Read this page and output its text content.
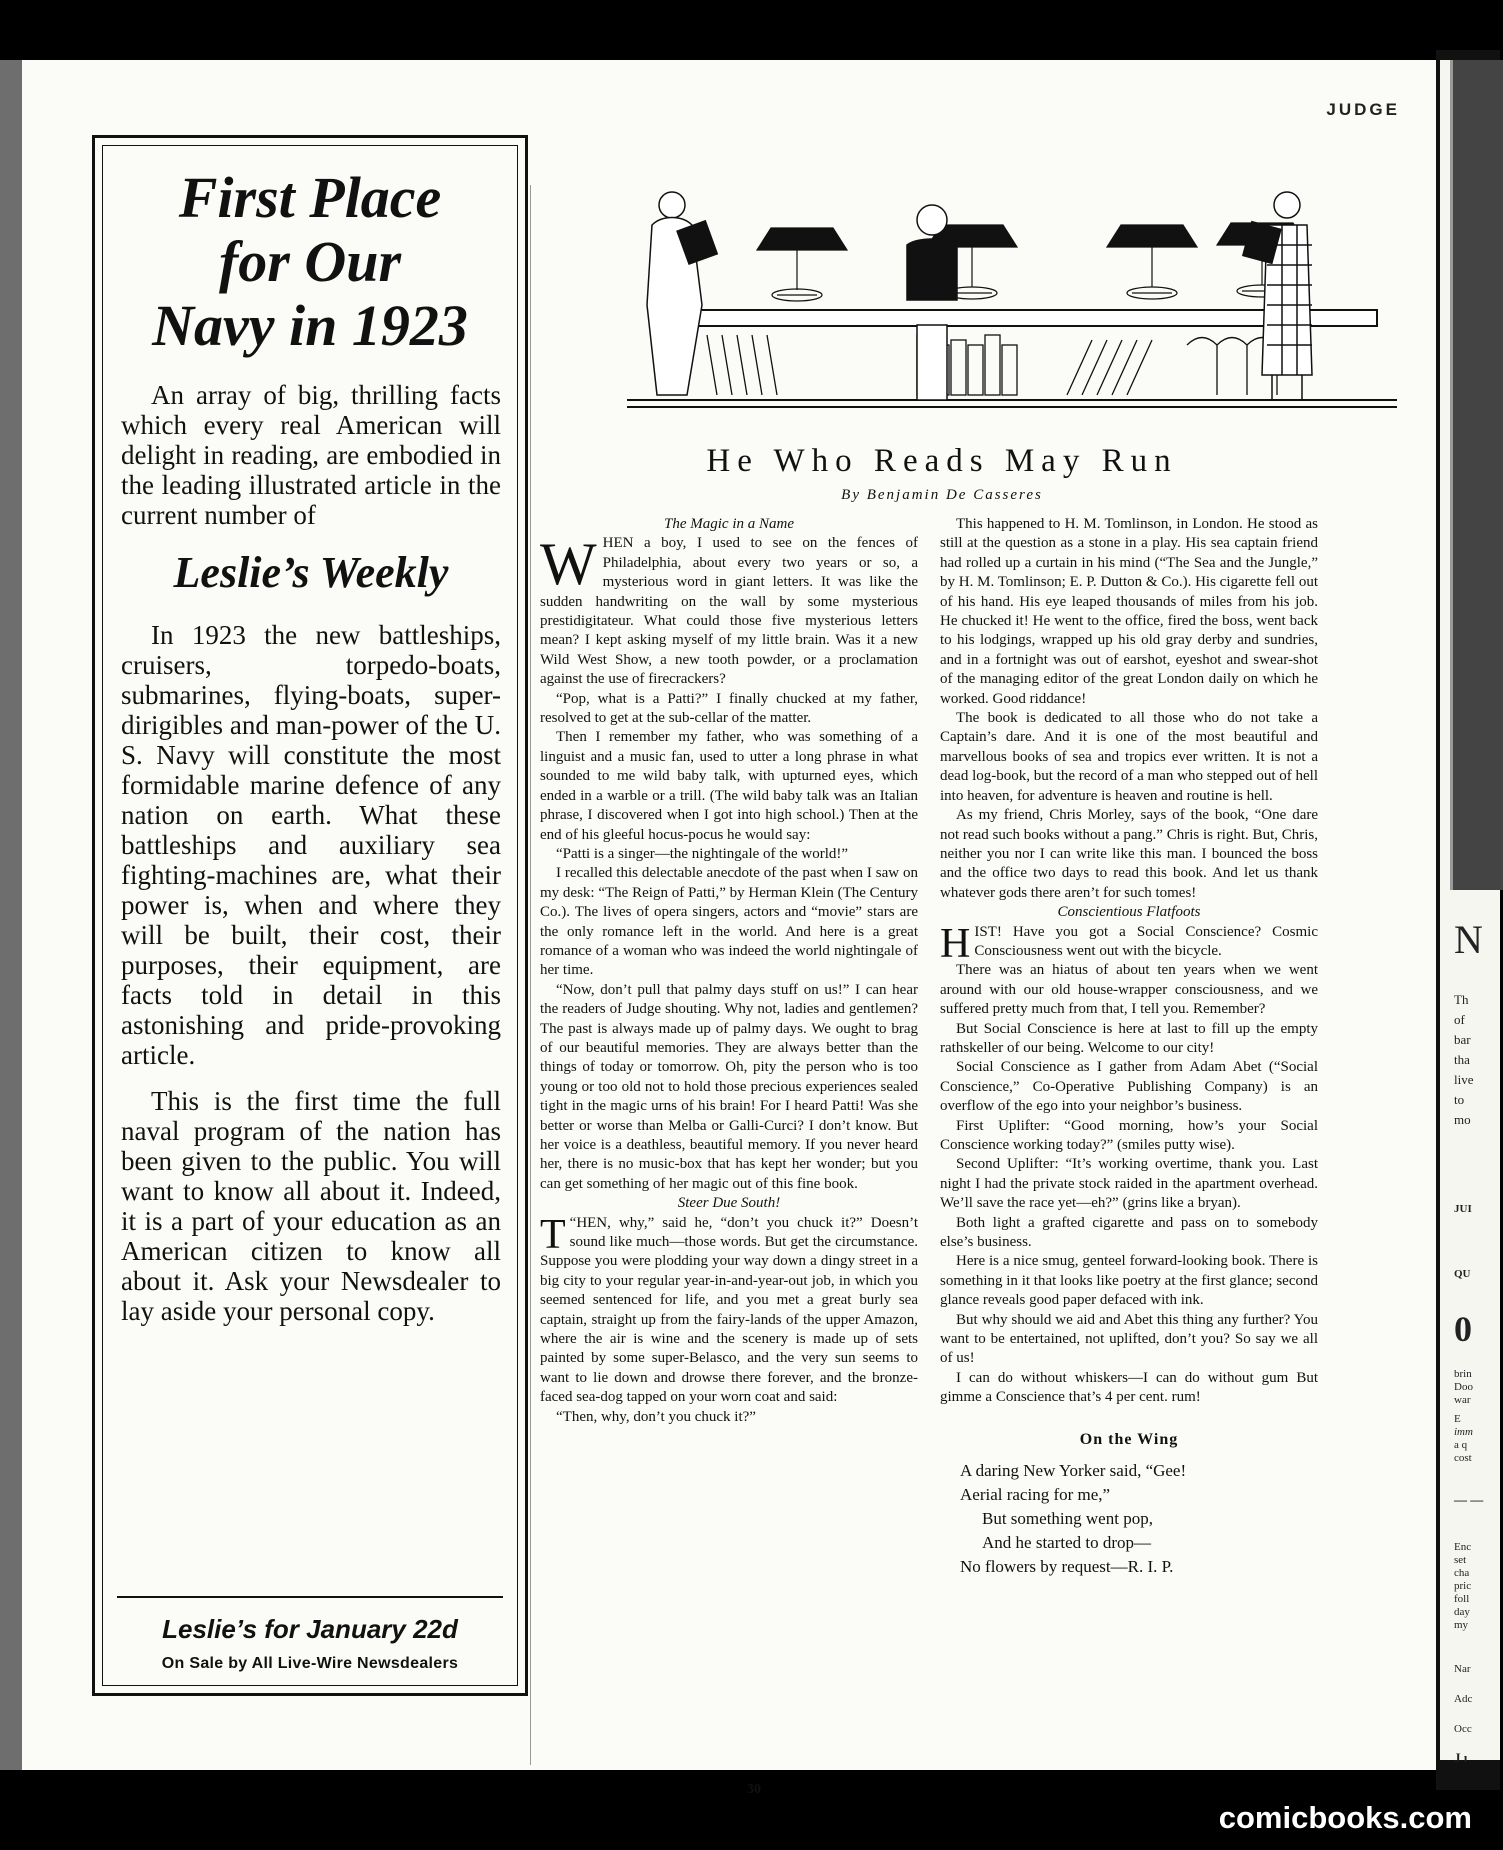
JUDGE
First Place
for Our
Navy in 1923

An array of big, thrilling facts which every real American will delight in reading, are embodied in the leading illustrated article in the current number of

Leslie’s Weekly

In 1923 the new battleships, cruisers, torpedo-boats, submarines, flying-boats, super-dirigibles and man-power of the U. S. Navy will constitute the most formidable marine defence of any nation on earth. What these battleships and auxiliary sea fighting-machines are, what their power is, when and where they will be built, their cost, their purposes, their equipment, are facts told in detail in this astonishing and pride-provoking article.

This is the first time the full naval program of the nation has been given to the public. You will want to know all about it. Indeed, it is a part of your education as an American citizen to know all about it. Ask your Newsdealer to lay aside your personal copy.

Leslie’s for January 22d
On Sale by All Live-Wire Newsdealers
He Who Reads May Run
By Benjamin De Casseres

The Magic in a Name

WHEN a boy, I used to see on the fences of Philadelphia, about every two years or so, a mysterious word in giant letters. It was like the sudden handwriting on the wall by some mysterious prestidigitateur. What could those five mysterious letters mean? I kept asking myself of my little brain. Was it a new Wild West Show, a new tooth powder, or a proclamation against the use of firecrackers?

“Pop, what is a Patti?” I finally chucked at my father, resolved to get at the sub-cellar of the matter.

Then I remember my father, who was something of a linguist and a music fan, used to utter a long phrase in what sounded to me wild baby talk, with upturned eyes, which ended in a warble or a trill. (The wild baby talk was an Italian phrase, I discovered when I got into high school.) Then at the end of his gleeful hocus-pocus he would say:

“Patti is a singer—the nightingale of the world!”

I recalled this delectable anecdote of the past when I saw on my desk: “The Reign of Patti,” by Herman Klein (The Century Co.). The lives of opera singers, actors and “movie” stars are the only romance left in the world. And here is a great romance of a woman who was indeed the world nightingale of her time.

“Now, don’t pull that palmy days stuff on us!” I can hear the readers of Judge shouting. Why not, ladies and gentlemen? The past is always made up of palmy days. We ought to brag of our beautiful memories. They are always better than the things of today or tomorrow. Oh, pity the person who is too young or too old not to hold those precious experiences sealed tight in the magic urns of his brain! For I heard Patti! Was she better or worse than Melba or Galli-Curci? I don’t know. But her voice is a deathless, beautiful memory. If you never heard her, there is no music-box that has kept her wonder; but you can get something of her magic out of this fine book.

Steer Due South!

T “HEN, why,” said he, “don’t you chuck it?” Doesn’t sound like much—those words. But get the circumstance. Suppose you were plodding your way down a dingy street in a big city to your regular year-in-and-year-out job, in which you seemed sentenced for life, and you met a great burly sea captain, straight up from the fairy-lands of the upper Amazon, where the air is wine and the scenery is made up of sets painted by some super-Belasco, and the very sun seems to want to lie down and drowse there forever, and the bronze-faced sea-dog tapped on your worn coat and said:

“Then, why, don’t you chuck it?”

This happened to H. M. Tomlinson, in London. He stood as still at the question as a stone in a play. His sea captain friend had rolled up a curtain in his mind (“The Sea and the Jungle,” by H. M. Tomlinson; E. P. Dutton & Co.). His cigarette fell out of his hand. His eye leaped thousands of miles from his job. He chucked it! He went to the office, fired the boss, went back to his lodgings, wrapped up his old gray derby and sundries, and in a fortnight was out of earshot, eyeshot and swear-shot of the managing editor of the great London daily on which he worked. Good riddance!

The book is dedicated to all those who do not take a Captain’s dare. And it is one of the most beautiful and marvellous books of sea and tropics ever written. It is not a dead log-book, but the record of a man who stepped out of hell into heaven, for adventure is heaven and routine is hell.

As my friend, Chris Morley, says of the book, “One dare not read such books without a pang.” Chris is right. But, Chris, neither you nor I can write like this man. I bounced the boss and the office two days to read this book. And let us thank whatever gods there aren’t for such tomes!

Conscientious Flatfoots

HIST! Have you got a Social Conscience? Cosmic Consciousness went out with the bicycle.

There was an hiatus of about ten years when we went around with our old house-wrapper consciousness, and we suffered pretty much from that, I tell you. Remember?

But Social Conscience is here at last to fill up the empty rathskeller of our being. Welcome to our city!

Social Conscience as I gather from Adam Abet (“Social Conscience,” Co-Operative Publishing Company) is an overflow of the ego into your neighbor’s business.

First Uplifter: “Good morning, how’s your Social Conscience working today?” (smiles putty wise).

Second Uplifter: “It’s working overtime, thank you. Last night I had the private stock raided in the apartment overhead. We’ll save the race yet—eh?” (grins like a bryan).

Both light a grafted cigarette and pass on to somebody else’s business.

Here is a nice smug, genteel forward-looking book. There is something in it that looks like poetry at the first glance; second glance reveals good paper defaced with ink.

But why should we aid and Abet this thing any further? You want to be entertained, not uplifted, don’t you? So say we all of us!

I can do without whiskers—I can do without gum But gimme a Conscience that’s 4 per cent. rum!

On the Wing
A daring New Yorker said, “Gee!
Aerial racing for me,”
But something went pop,
And he started to drop—
No flowers by request—R. I. P.
30
N
Th
of
bar
tha
live
to
mo
JUI
QU
0
brin
Doo
war
E
imm
a q
cost
— —
Enc
set
cha
pric
foll
day
my
Nar
Adc
Occ
J ı
comicbooks.com
